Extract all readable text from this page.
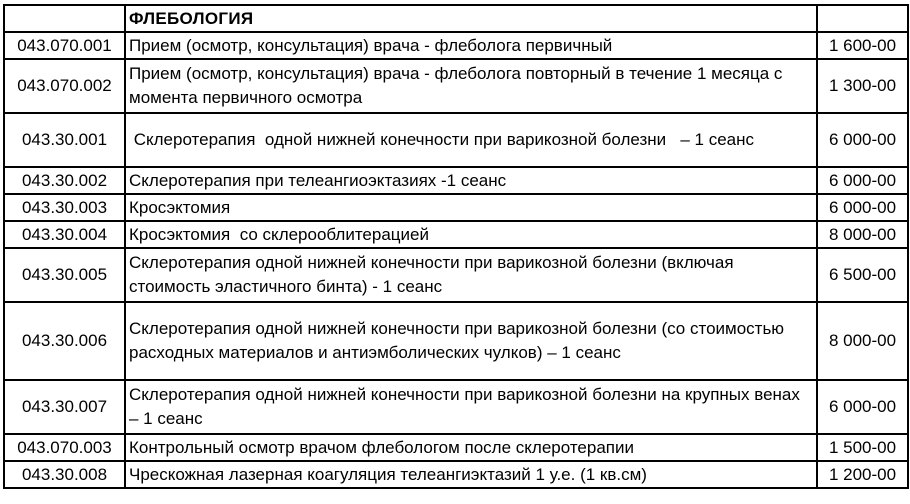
	ФЛЕБОЛОГИЯ	
043.070.001	Прием (осмотр, консультация) врача - флеболога первичный	1 600-00
043.070.002	Прием (осмотр, консультация) врача - флеболога повторный в течение 1 месяца с момента первичного осмотра	1 300-00
043.30.001	Склеротерапия  одной нижней конечности при варикозной болезни   – 1 сеанс	6 000-00
043.30.002	Склеротерапия при телеангиоэктазиях -1 сеанс	6 000-00
043.30.003	Кросэктомия	6 000-00
043.30.004	Кросэктомия  со склерооблитерацией	8 000-00
043.30.005	Склеротерапия одной нижней конечности при варикозной болезни (включая стоимость эластичного бинта) - 1 сеанс	6 500-00
043.30.006	Склеротерапия одной нижней конечности при варикозной болезни (со стоимостью расходных материалов и антиэмболических чулков) – 1 сеанс	8 000-00
043.30.007	Склеротерапия одной нижней конечности при варикозной болезни на крупных венах – 1 сеанс	6 000-00
043.070.003	Контрольный осмотр врачом флебологом после склеротерапии	1 500-00
043.30.008	Чрескожная лазерная коагуляция телеангиэктазий 1 у.е. (1 кв.см)	1 200-00
